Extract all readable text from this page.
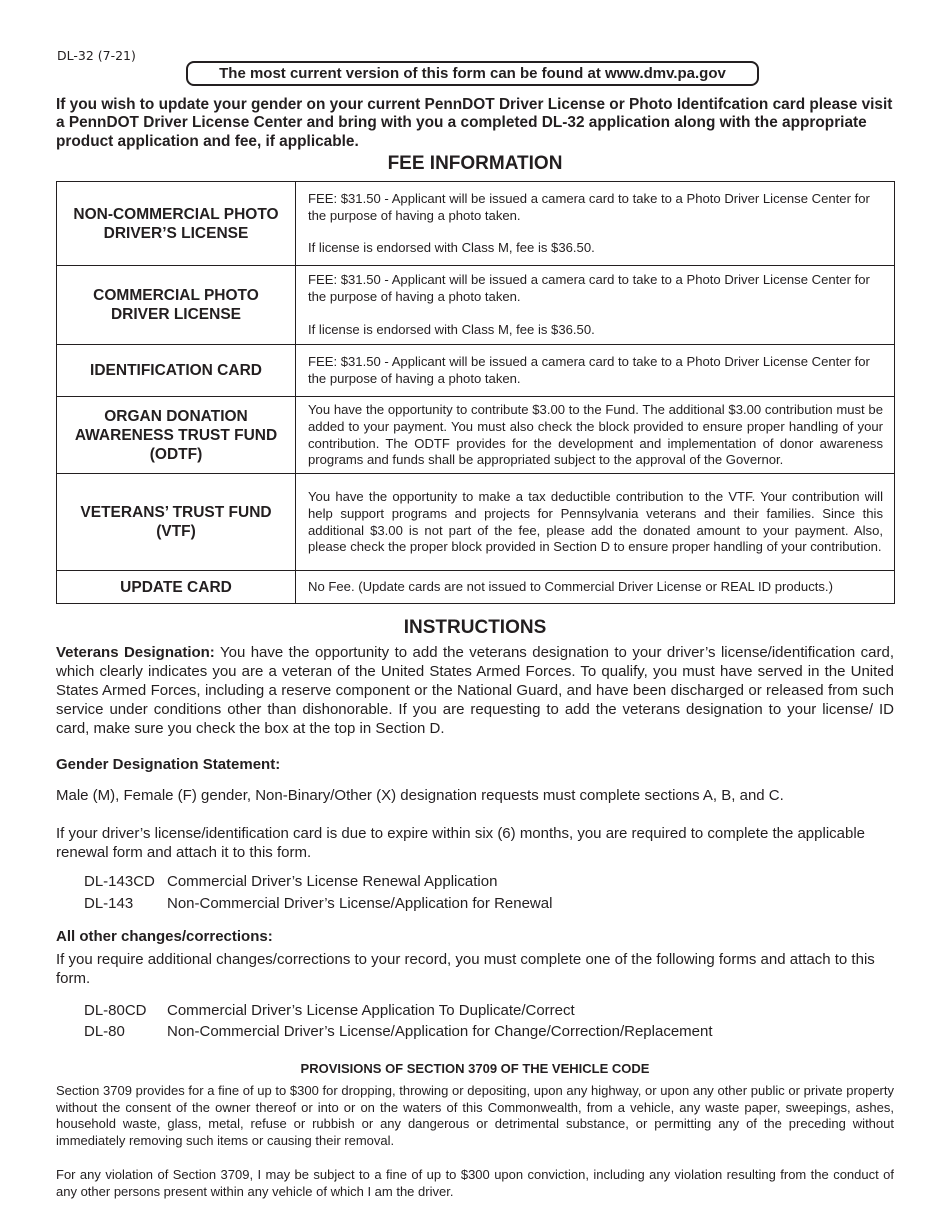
DL-32 (7-21)
The most current version of this form can be found at www.dmv.pa.gov
If you wish to update your gender on your current PennDOT Driver License or Photo Identifcation card please visit a PennDOT Driver License Center and bring with you a completed DL-32 application along with the appropriate product application and fee, if applicable.
FEE INFORMATION
NON-COMMERCIAL PHOTO DRIVER’S LICENSE	FEE: $31.50 - Applicant will be issued a camera card to take to a Photo Driver License Center for the purpose of having a photo taken.

If license is endorsed with Class M, fee is $36.50.

COMMERCIAL PHOTO DRIVER LICENSE	FEE: $31.50 - Applicant will be issued a camera card to take to a Photo Driver License Center for the purpose of having a photo taken.

If license is endorsed with Class M, fee is $36.50.

IDENTIFICATION CARD	FEE: $31.50 - Applicant will be issued a camera card to take to a Photo Driver License Center for the purpose of having a photo taken.

ORGAN DONATION AWARENESS TRUST FUND (ODTF)	You have the opportunity to contribute $3.00 to the Fund. The additional $3.00 contribution must be added to your payment. You must also check the block provided to ensure proper handling of your contribution. The ODTF provides for the development and implementation of donor awareness programs and funds shall be appropriated subject to the approval of the Governor.

VETERANS’ TRUST FUND (VTF)	You have the opportunity to make a tax deductible contribution to the VTF. Your contribution will help support programs and projects for Pennsylvania veterans and their families. Since this additional $3.00 is not part of the fee, please add the donated amount to your payment. Also, please check the proper block provided in Section D to ensure proper handling of your contribution.

UPDATE CARD	No Fee. (Update cards are not issued to Commercial Driver License or REAL ID products.)

INSTRUCTIONS
Veterans Designation: You have the opportunity to add the veterans designation to your driver’s license/identification card, which clearly indicates you are a veteran of the United States Armed Forces. To qualify, you must have served in the United States Armed Forces, including a reserve component or the National Guard, and have been discharged or released from such service under conditions other than dishonorable. If you are requesting to add the veterans designation to your license/ ID card, make sure you check the box at the top in Section D.
Gender Designation Statement:
Male (M), Female (F) gender, Non-Binary/Other (X) designation requests must complete sections A, B, and C.
If your driver’s license/identification card is due to expire within six (6) months, you are required to complete the applicable renewal form and attach it to this form.
DL-143CD Commercial Driver’s License Renewal Application
DL-143 Non-Commercial Driver’s License/Application for Renewal
All other changes/corrections:
If you require additional changes/corrections to your record, you must complete one of the following forms and attach to this form.
DL-80CD Commercial Driver’s License Application To Duplicate/Correct
DL-80	Non-Commercial Driver’s License/Application for Change/Correction/Replacement
PROVISIONS OF SECTION 3709 OF THE VEHICLE CODE
Section 3709 provides for a fine of up to $300 for dropping, throwing or depositing, upon any highway, or upon any other public or private property without the consent of the owner thereof or into or on the waters of this Commonwealth, from a vehicle, any waste paper, sweepings, ashes, household waste, glass, metal, refuse or rubbish or any dangerous or detrimental substance, or permitting any of the preceding without immediately removing such items or causing their removal.
For any violation of Section 3709, I may be subject to a fine of up to $300 upon conviction, including any violation resulting from the conduct of any other persons present within any vehicle of which I am the driver.
